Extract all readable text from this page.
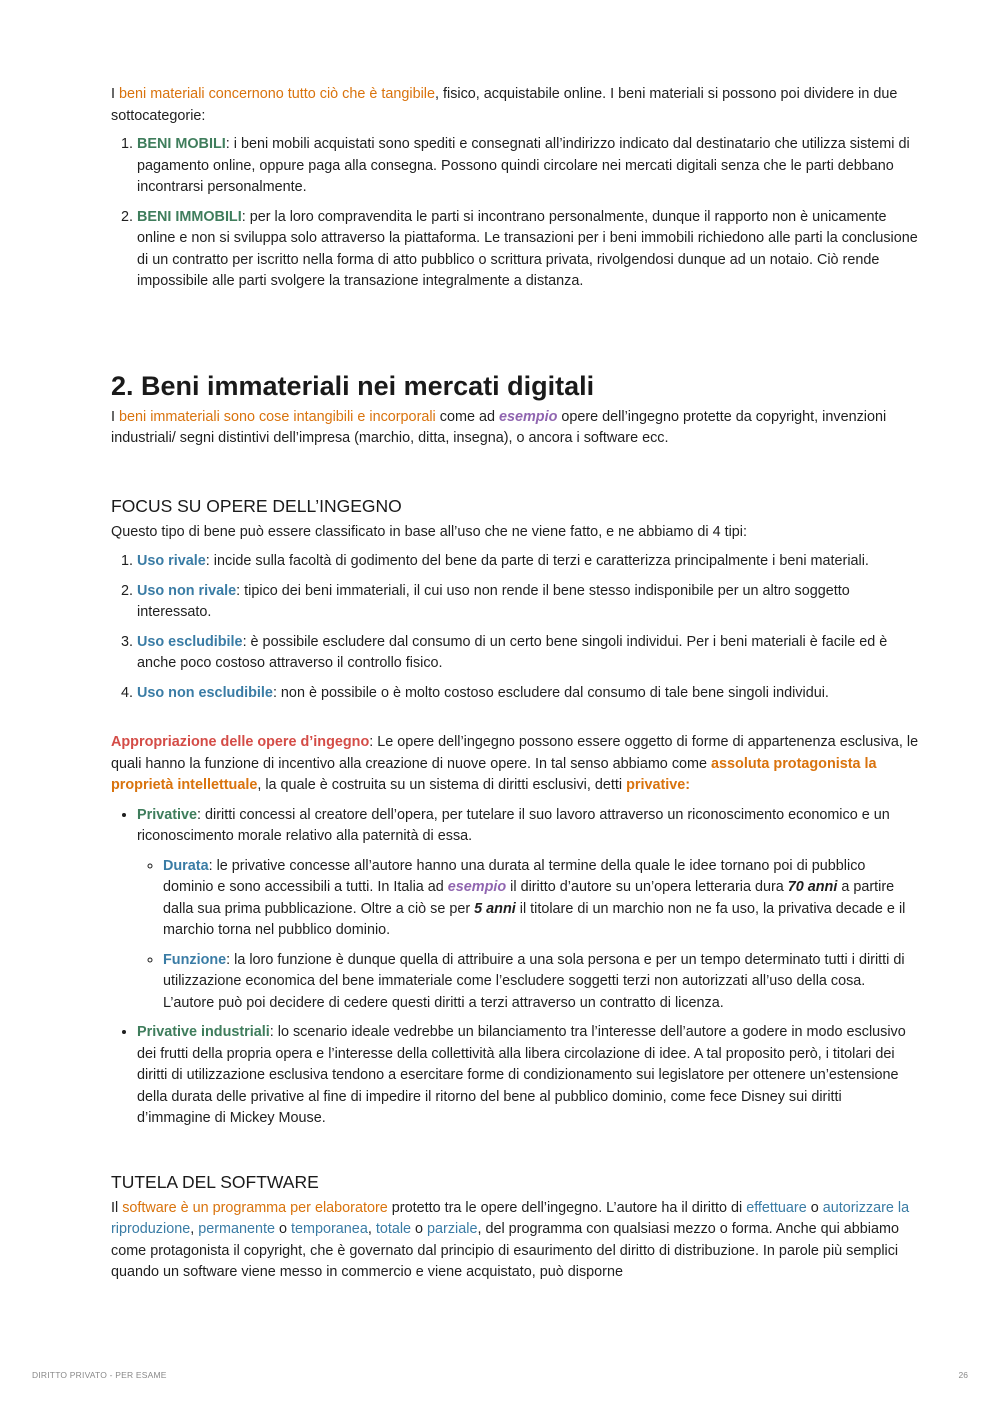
I beni materiali concernono tutto ciò che è tangibile, fisico, acquistabile online. I beni materiali si possono poi dividere in due sottocategorie:

1. BENI MOBILI: i beni mobili acquistati sono spediti e consegnati all’indirizzo indicato dal destinatario che utilizza sistemi di pagamento online, oppure paga alla consegna. Possono quindi circolare nei mercati digitali senza che le parti debbano incontrarsi personalmente.
2. BENI IMMOBILI: per la loro compravendita le parti si incontrano personalmente, dunque il rapporto non è unicamente online e non si sviluppa solo attraverso la piattaforma. Le transazioni per i beni immobili richiedono alle parti la conclusione di un contratto per iscritto nella forma di atto pubblico o scrittura privata, rivolgendosi dunque ad un notaio. Ciò rende impossibile alle parti svolgere la transazione integralmente a distanza.
2. Beni immateriali nei mercati digitali

I beni immateriali sono cose intangibili e incorporali come ad esempio opere dell’ingegno protette da copyright, invenzioni industriali/ segni distintivi dell’impresa (marchio, ditta, insegna), o ancora i software ecc.

FOCUS SU OPERE DELL’INGEGNO

Questo tipo di bene può essere classificato in base all’uso che ne viene fatto, e ne abbiamo di 4 tipi:

1. Uso rivale: incide sulla facoltà di godimento del bene da parte di terzi e caratterizza principalmente i beni materiali.
2. Uso non rivale: tipico dei beni immateriali, il cui uso non rende il bene stesso indisponibile per un altro soggetto interessato.
3. Uso escludibile: è possibile escludere dal consumo di un certo bene singoli individui. Per i beni materiali è facile ed è anche poco costoso attraverso il controllo fisico.
4. Uso non escludibile: non è possibile o è molto costoso escludere dal consumo di tale bene singoli individui.

Appropriazione delle opere d’ingegno: Le opere dell’ingegno possono essere oggetto di forme di appartenenza esclusiva, le quali hanno la funzione di incentivo alla creazione di nuove opere. In tal senso abbiamo come assoluta protagonista la proprietà intellettuale, la quale è costruita su un sistema di diritti esclusivi, detti privative:

• Privative: diritti concessi al creatore dell’opera, per tutelare il suo lavoro attraverso un riconoscimento economico e un riconoscimento morale relativo alla paternità di essa.
◦ Durata: le privative concesse all’autore hanno una durata al termine della quale le idee tornano poi di pubblico dominio e sono accessibili a tutti. In Italia ad esempio il diritto d’autore su un’opera letteraria dura 70 anni a partire dalla sua prima pubblicazione. Oltre a ciò se per 5 anni il titolare di un marchio non ne fa uso, la privativa decade e il marchio torna nel pubblico dominio.
◦ Funzione: la loro funzione è dunque quella di attribuire a una sola persona e per un tempo determinato tutti i diritti di utilizzazione economica del bene immateriale come l’escludere soggetti terzi non autorizzati all’uso della cosa. L’autore può poi decidere di cedere questi diritti a terzi attraverso un contratto di licenza.
• Privative industriali: lo scenario ideale vedrebbe un bilanciamento tra l’interesse dell’autore a godere in modo esclusivo dei frutti della propria opera e l’interesse della collettività alla libera circolazione di idee. A tal proposito però, i titolari dei diritti di utilizzazione esclusiva tendono a esercitare forme di condizionamento sui legislatore per ottenere un’estensione della durata delle privative al fine di impedire il ritorno del bene al pubblico dominio, come fece Disney sui diritti d’immagine di Mickey Mouse.
TUTELA DEL SOFTWARE

Il software è un programma per elaboratore protetto tra le opere dell’ingegno. L’autore ha il diritto di effettuare o autorizzare la riproduzione, permanente o temporanea, totale o parziale, del programma con qualsiasi mezzo o forma. Anche qui abbiamo come protagonista il copyright, che è governato dal principio di esaurimento del diritto di distribuzione. In parole più semplici quando un software viene messo in commercio e viene acquistato, può disporne

DIRITTO PRIVATO - PER ESAME	26
